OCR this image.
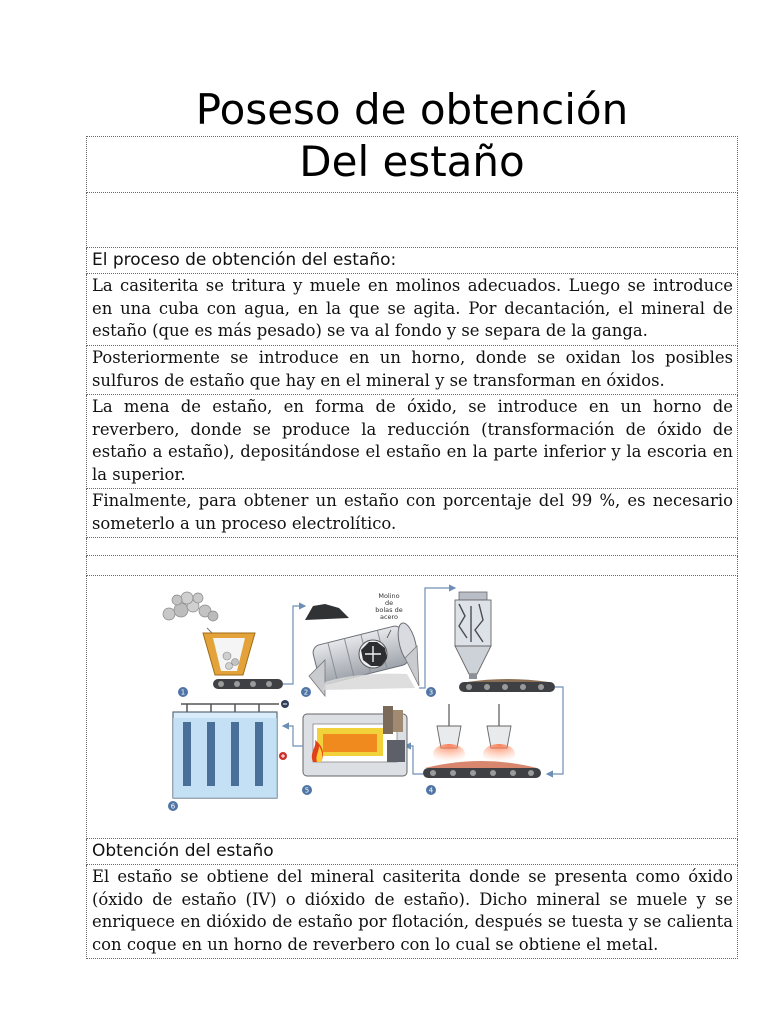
Poseso de obtención
Del estaño

El proceso de obtención del estaño:

La casiterita se tritura y muele en molinos adecuados. Luego se introduce en una cuba con agua, en la que se agita. Por decantación, el mineral de estaño (que es más pesado) se va al fondo y se separa de la ganga.

Posteriormente se introduce en un horno, donde se oxidan los posibles sulfuros de estaño que hay en el mineral y se transforman en óxidos.

La mena de estaño, en forma de óxido, se introduce en un horno de reverbero, donde se produce la reducción (transformación de óxido de estaño a estaño), depositándose el estaño en la parte inferior y la escoria en la superior.

Finalmente, para obtener un estaño con porcentaje del 99 %, es necesario someterlo a un proceso electrolítico.

1
Molino
de
bolas de
acero
2	3
4
5
6

Obtención del estaño

El estaño se obtiene del mineral casiterita donde se presenta como óxido (óxido de estaño (IV) o dióxido de estaño). Dicho mineral se muele y se enriquece en dióxido de estaño por flotación, después se tuesta y se calienta con coque en un horno de reverbero con lo cual se obtiene el metal.
